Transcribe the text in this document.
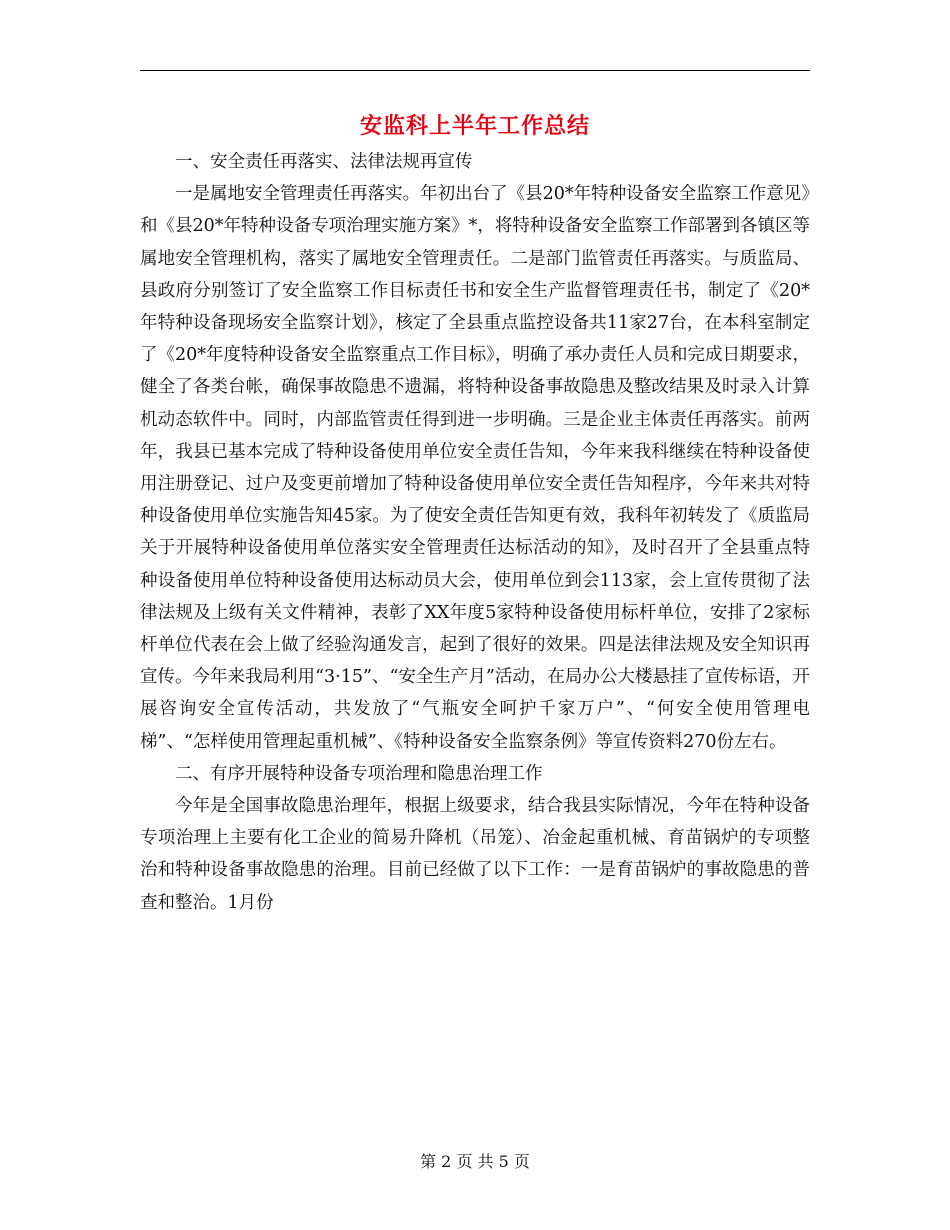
安监科上半年工作总结

一、安全责任再落实、法律法规再宣传

一是属地安全管理责任再落实。年初出台了《县20*年特种设备安全监察工作意见》和《县20*年特种设备专项治理实施方案》*，将特种设备安全监察工作部署到各镇区等属地安全管理机构，落实了属地安全管理责任。二是部门监管责任再落实。与质监局、县政府分别签订了安全监察工作目标责任书和安全生产监督管理责任书，制定了《20*年特种设备现场安全监察计划》，核定了全县重点监控设备共11家27台，在本科室制定了《20*年度特种设备安全监察重点工作目标》，明确了承办责任人员和完成日期要求，健全了各类台帐，确保事故隐患不遗漏，将特种设备事故隐患及整改结果及时录入计算机动态软件中。同时，内部监管责任得到进一步明确。三是企业主体责任再落实。前两年，我县已基本完成了特种设备使用单位安全责任告知，今年来我科继续在特种设备使用注册登记、过户及变更前增加了特种设备使用单位安全责任告知程序，今年来共对特种设备使用单位实施告知45家。为了使安全责任告知更有效，我科年初转发了《质监局关于开展特种设备使用单位落实安全管理责任达标活动的知》，及时召开了全县重点特种设备使用单位特种设备使用达标动员大会，使用单位到会113家，会上宣传贯彻了法律法规及上级有关文件精神，表彰了XX年度5家特种设备使用标杆单位，安排了2家标杆单位代表在会上做了经验沟通发言，起到了很好的效果。四是法律法规及安全知识再宣传。今年来我局利用“3·15”、“安全生产月”活动，在局办公大楼悬挂了宣传标语，开展咨询安全宣传活动，共发放了“气瓶安全呵护千家万户”、“何安全使用管理电梯”、“怎样使用管理起重机械”、《特种设备安全监察条例》等宣传资料270份左右。

二、有序开展特种设备专项治理和隐患治理工作

今年是全国事故隐患治理年，根据上级要求，结合我县实际情况，今年在特种设备专项治理上主要有化工企业的简易升降机（吊笼）、冶金起重机械、育苗锅炉的专项整治和特种设备事故隐患的治理。目前已经做了以下工作：一是育苗锅炉的事故隐患的普查和整治。1月份

第 2 页 共 5 页
